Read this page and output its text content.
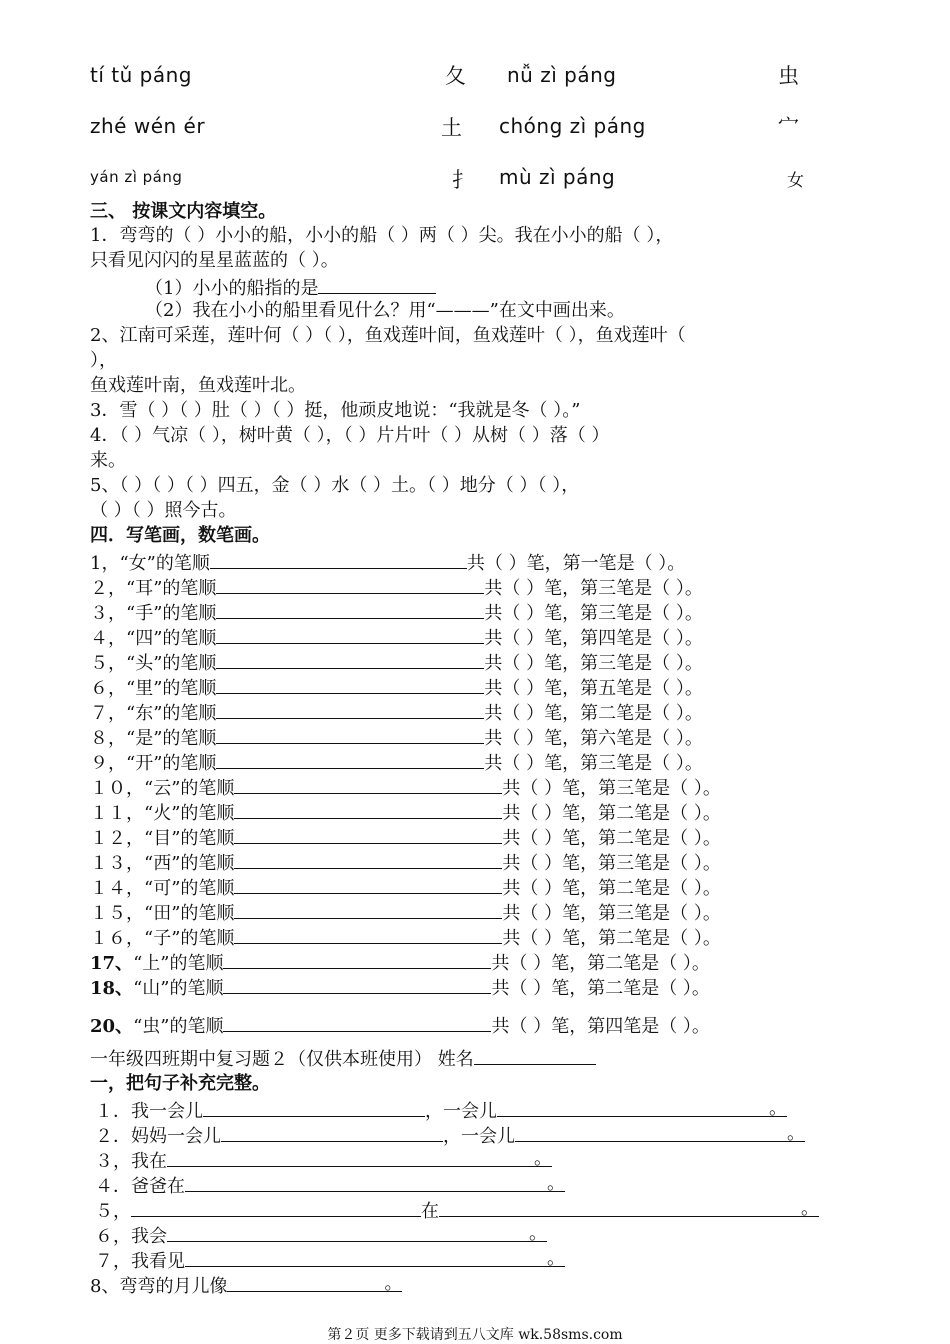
tí tǔ páng	夂 nǚ zì páng	虫
zhé wén ér	土 chóng zì páng	宀
yán zì páng	扌 mù zì páng	女
三、 按课文内容填空。
1．弯弯的（ ）小小的船，小小的船（ ）两（ ）尖。我在小小的船（ ），
只看见闪闪的星星蓝蓝的（ ）。
（1）小小的船指的是
（2）我在小小的船里看见什么？用“———”在文中画出来。
2、江南可采莲，莲叶何（ ）（ ），鱼戏莲叶间，鱼戏莲叶（ ），鱼戏莲叶（
），
鱼戏莲叶南，鱼戏莲叶北。
3．雪（ ）（ ）肚（ ）（ ）挺，他顽皮地说：“我就是冬（ ）。”
4．（ ）气凉（ ），树叶黄（ ），（ ）片片叶（ ）从树（ ）落（ ）
来。
5、（ ）（ ）（ ）四五，金（ ）水（ ）土。（ ）地分（ ）（ ），
（ ）（ ）照今古。
四．写笔画，数笔画。
1，“女”的笔顺	共（ ）笔，第一笔是（ ）。
２，“耳”的笔顺	共（ ）笔，第三笔是（ ）。
３，“手”的笔顺	共（ ）笔，第三笔是（ ）。
４，“四”的笔顺	共（ ）笔，第四笔是（ ）。
５，“头”的笔顺	共（ ）笔，第三笔是（ ）。
６，“里”的笔顺	共（ ）笔，第五笔是（ ）。
７，“东”的笔顺	共（ ）笔，第二笔是（ ）。
８，“是”的笔顺	共（ ）笔，第六笔是（ ）。
９，“开”的笔顺	共（ ）笔，第三笔是（ ）。
１０，“云”的笔顺	共（ ）笔，第三笔是（ ）。
１１，“火”的笔顺	共（ ）笔，第二笔是（ ）。
１２，“目”的笔顺	共（ ）笔，第二笔是（ ）。
１３，“西”的笔顺	共（ ）笔，第三笔是（ ）。
１４，“可”的笔顺	共（ ）笔，第二笔是（ ）。
１５，“田”的笔顺	共（ ）笔，第三笔是（ ）。
１６，“子”的笔顺	共（ ）笔，第二笔是（ ）。
17、“上”的笔顺	共（ ）笔，第二笔是（ ）。
18、“山”的笔顺	共（ ）笔，第二笔是（ ）。
20、“虫”的笔顺	共（ ）笔，第四笔是（ ）。
一年级四班期中复习题２（仅供本班使用） 姓名
一，把句子补充完整。
１．我一会儿	，一会儿	。
２．妈妈一会儿	，一会儿	。
３，我在	。
４．爸爸在	。
５，	在	。
６，我会	。
７，我看见	。
8、弯弯的月儿像	。
第２页 更多下载请到五八文库 wk.58sms.com
